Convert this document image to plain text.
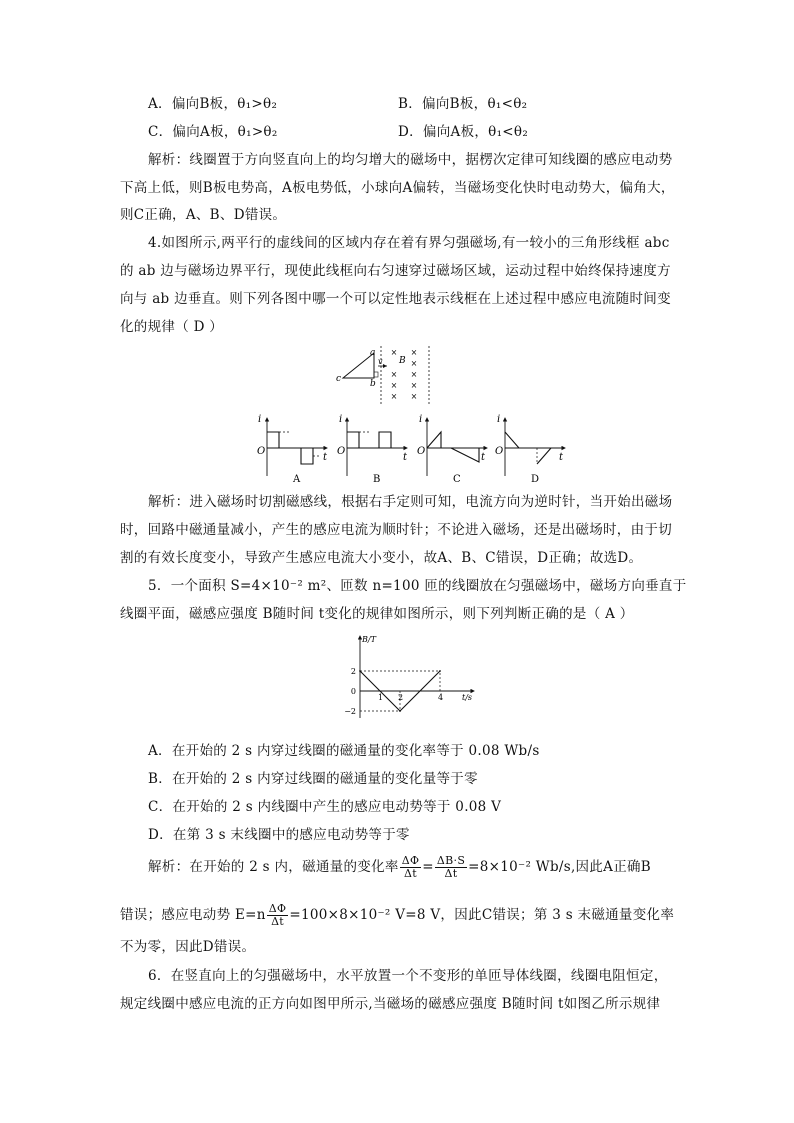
A．偏向B板，θ₁>θ₂	B．偏向B板，θ₁<θ₂
C．偏向A板，θ₁>θ₂	D．偏向A板，θ₁<θ₂
解析：线圈置于方向竖直向上的均匀增大的磁场中，据楞次定律可知线圈的感应电动势
下高上低，则B板电势高，A板电势低，小球向A偏转，当磁场变化快时电动势大，偏角大，
则C正确，A、B、D错误。
4.如图所示,两平行的虚线间的区域内存在着有界匀强磁场,有一较小的三角形线框 abc
的 ab 边与磁场边界平行，现使此线框向右匀速穿过磁场区域，运动过程中始终保持速度方
向与 ab 边垂直。则下列各图中哪一个可以定性地表示线框在上述过程中感应电流随时间变
化的规律（ D ）
a
b
c
v B
× ×
×
× ×
× ×
× ×
i
O
t
A
i
O
t
B
i
O
t
C
i
O
t
D
解析：进入磁场时切割磁感线，根据右手定则可知，电流方向为逆时针，当开始出磁场
时，回路中磁通量减小，产生的感应电流为顺时针；不论进入磁场，还是出磁场时，由于切
割的有效长度变小，导致产生感应电流大小变小，故A、B、C错误，D正确；故选D。
5．一个面积 S=4×10⁻² m²、匝数 n=100 匝的线圈放在匀强磁场中，磁场方向垂直于
线圈平面，磁感应强度 B随时间 t变化的规律如图所示，则下列判断正确的是（ A ）
B/T
t/s
1 2	4
2
0
−2
A．在开始的 2 s 内穿过线圈的磁通量的变化率等于 0.08 Wb/s
B．在开始的 2 s 内穿过线圈的磁通量的变化量等于零
C．在开始的 2 s 内线圈中产生的感应电动势等于 0.08 V
D．在第 3 s 末线圈中的感应电动势等于零
解析：在开始的 2 s 内，磁通量的变化率 $\frac{\Delta\Phi}{\Delta t} = \frac{\Delta B\cdot S}{\Delta t} =8\times 10^{-2}$ Wb/s,因此A正确B
错误；感应电动势 $E=n \frac{\Delta\Phi}{\Delta t} =100\times 8\times 10^{-2}$ V=8 V，因此C错误；第 3 s 末磁通量变化率
不为零，因此D错误。
6．在竖直向上的匀强磁场中，水平放置一个不变形的单匝导体线圈，线圈电阻恒定，
规定线圈中感应电流的正方向如图甲所示,当磁场的磁感应强度 B随时间 t如图乙所示规律
